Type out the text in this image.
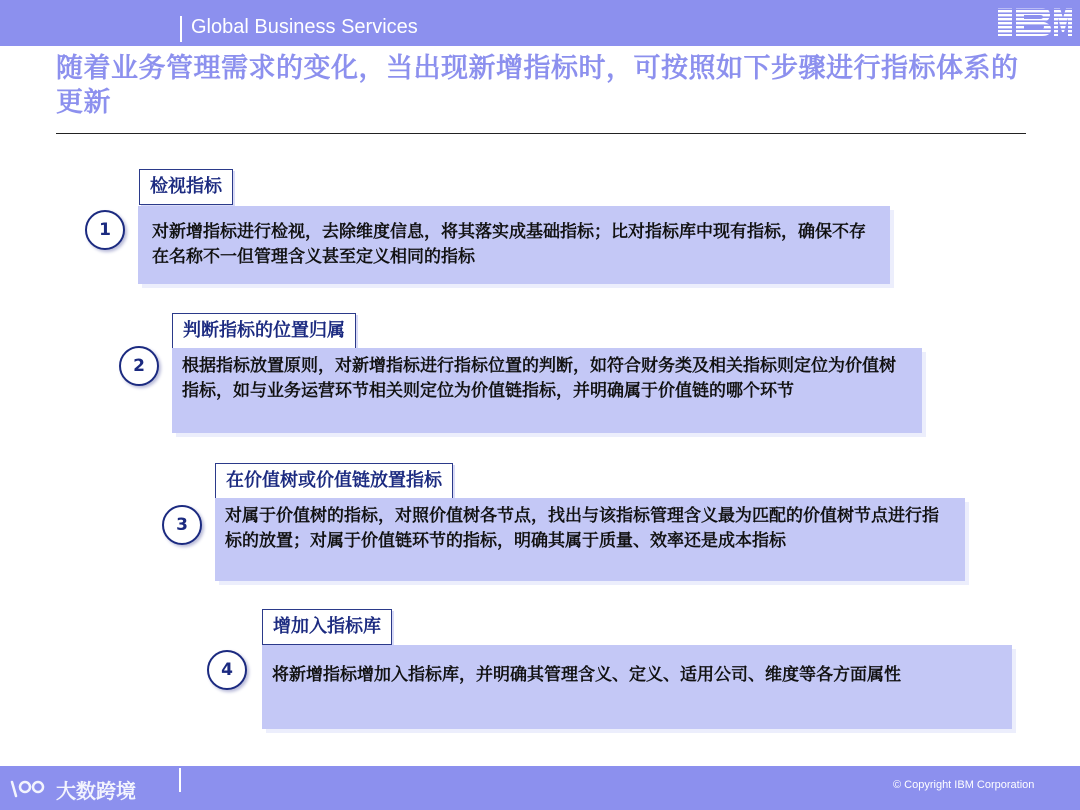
Global Business Services
随着业务管理需求的变化，当出现新增指标时，可按照如下步骤进行指标体系的更新
检视指标
1	对新增指标进行检视，去除维度信息，将其落实成基础指标；比对指标库中现有指标，确保不存在名称不一但管理含义甚至定义相同的指标
判断指标的位置归属
2	根据指标放置原则，对新增指标进行指标位置的判断，如符合财务类及相关指标则定位为价值树指标，如与业务运营环节相关则定位为价值链指标，并明确属于价值链的哪个环节
在价值树或价值链放置指标
3	对属于价值树的指标，对照价值树各节点，找出与该指标管理含义最为匹配的价值树节点进行指标的放置；对属于价值链环节的指标，明确其属于质量、效率还是成本指标
增加入指标库
4	将新增指标增加入指标库，并明确其管理含义、定义、适用公司、维度等各方面属性
大数跨境	© Copyright IBM Corporation
